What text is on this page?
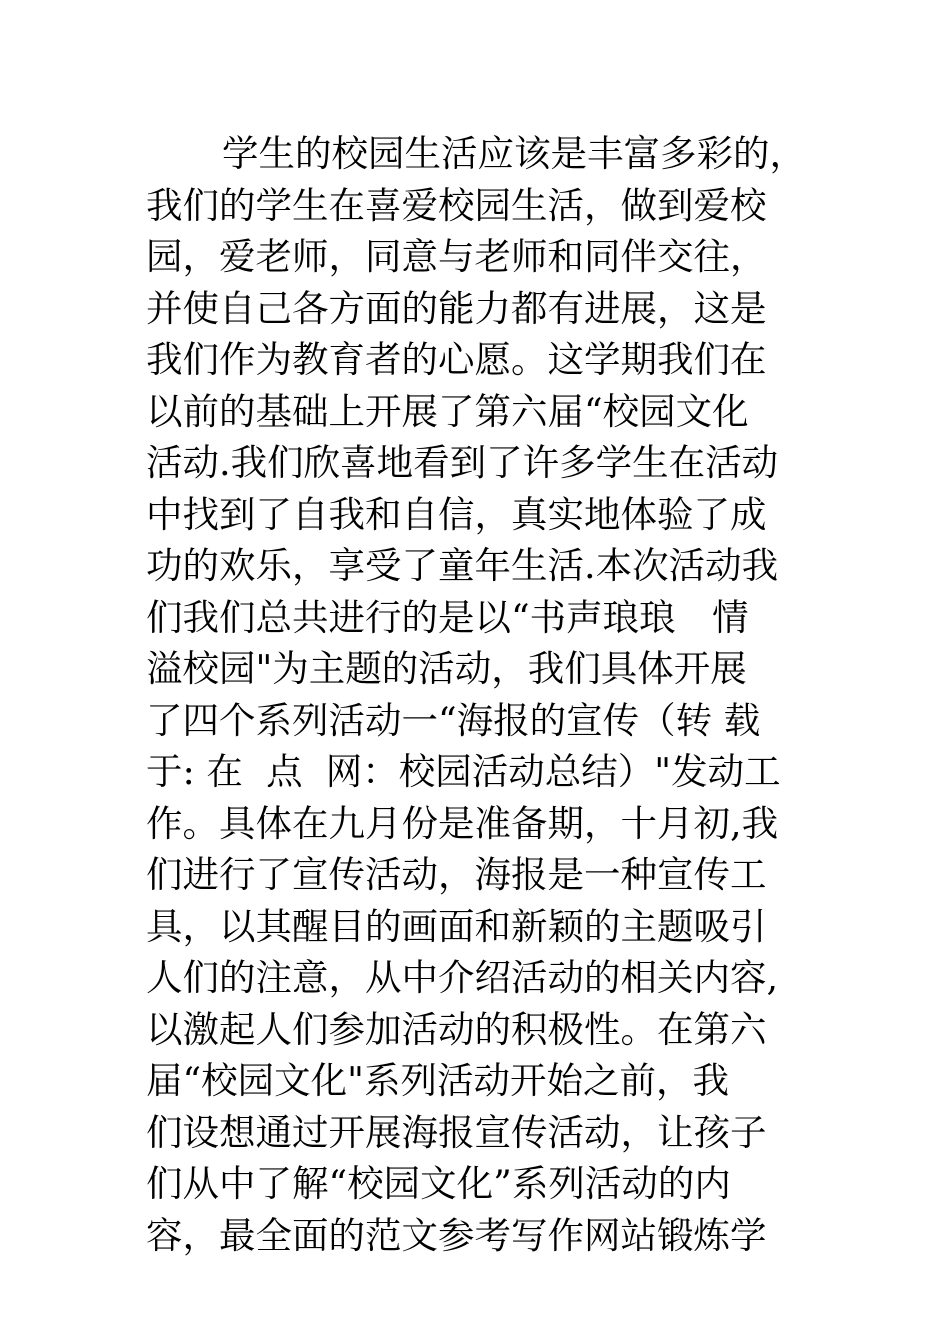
学生的校园生活应该是丰富多彩的，
我们的学生在喜爱校园生活，做到爱校
园，爱老师，同意与老师和同伴交往，
并使自己各方面的能力都有进展，这是
我们作为教育者的心愿。这学期我们在
以前的基础上开展了第六届“校园文化
活动.我们欣喜地看到了许多学生在活动
中找到了自我和自信，真实地体验了成
功的欢乐，享受了童年生活.本次活动我
们我们总共进行的是以“书声琅琅　情
溢校园"为主题的活动，我们具体开展
了四个系列活动一“海报的宣传（转 载
于: 在  点  网：校园活动总结）"发动工
作。具体在九月份是准备期，十月初,我
们进行了宣传活动，海报是一种宣传工
具，以其醒目的画面和新颖的主题吸引
人们的注意，从中介绍活动的相关内容,
以激起人们参加活动的积极性。在第六
届“校园文化"系列活动开始之前，我
们设想通过开展海报宣传活动，让孩子
们从中了解“校园文化”系列活动的内
容，最全面的范文参考写作网站锻炼学
